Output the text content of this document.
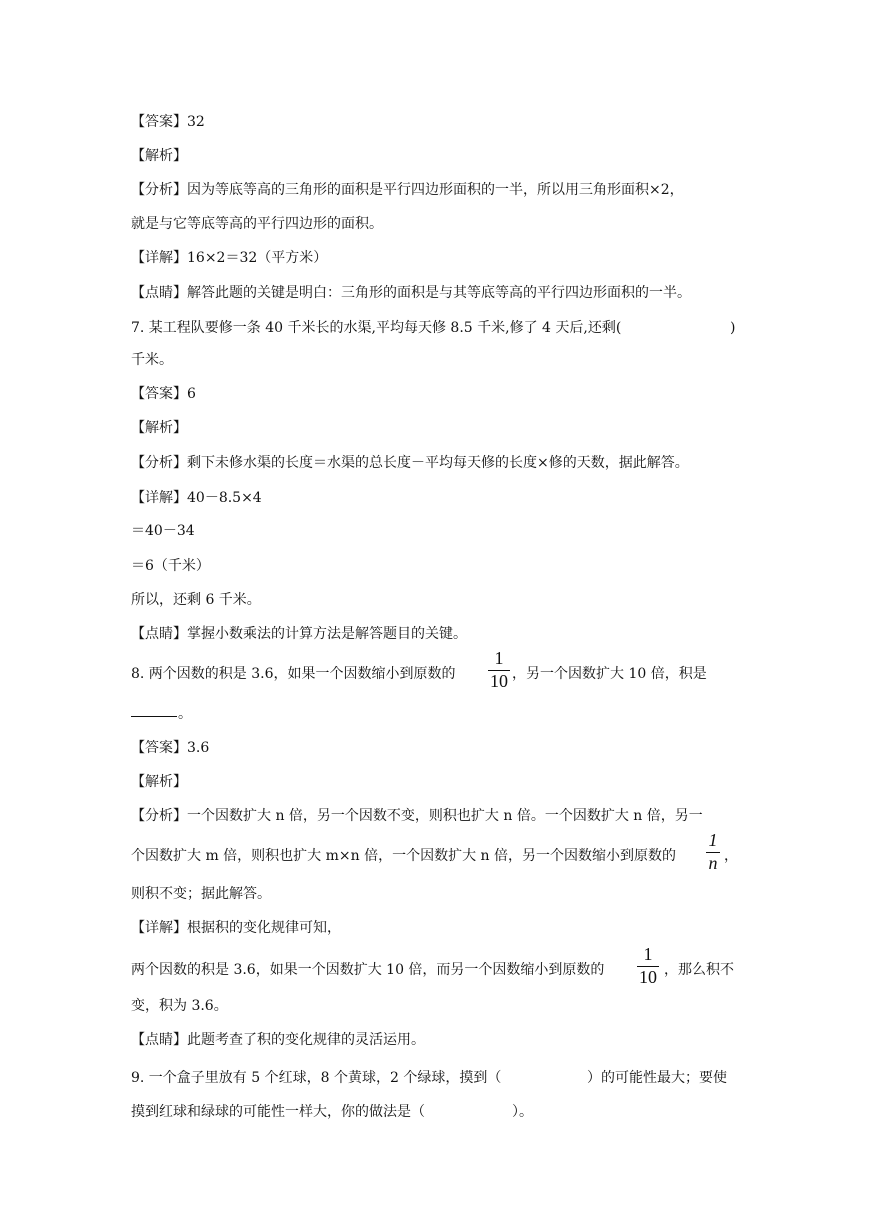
【答案】32
【解析】
【分析】因为等底等高的三角形的面积是平行四边形面积的一半，所以用三角形面积×2，
就是与它等底等高的平行四边形的面积。
【详解】16×2＝32（平方米）
【点睛】解答此题的关键是明白：三角形的面积是与其等底等高的平行四边形面积的一半。
7. 某工程队要修一条 40 千米长的水渠,平均每天修 8.5 千米,修了 4 天后,还剩(	)
千米。
【答案】6
【解析】
【分析】剩下未修水渠的长度＝水渠的总长度－平均每天修的长度×修的天数，据此解答。
【详解】40－8.5×4
＝40－34
＝6（千米）
所以，还剩 6 千米。
【点睛】掌握小数乘法的计算方法是解答题目的关键。
8. 两个因数的积是 3.6，如果一个因数缩小到原数的	，另一个因数扩大 10 倍，积是
1
10
。
【答案】3.6
【解析】
【分析】一个因数扩大 n 倍，另一个因数不变，则积也扩大 n 倍。一个因数扩大 n 倍，另一
个因数扩大 m 倍，则积也扩大 m×n 倍，一个因数扩大 n 倍，另一个因数缩小到原数的	，
1
n
则积不变；据此解答。
【详解】根据积的变化规律可知，
两个因数的积是 3.6，如果一个因数扩大 10 倍，而另一个因数缩小到原数的	，那么积不
1
10
变，积为 3.6。
【点睛】此题考查了积的变化规律的灵活运用。
9. 一个盒子里放有 5 个红球，8 个黄球，2 个绿球，摸到（	）的可能性最大；要使
摸到红球和绿球的可能性一样大，你的做法是（	）。
